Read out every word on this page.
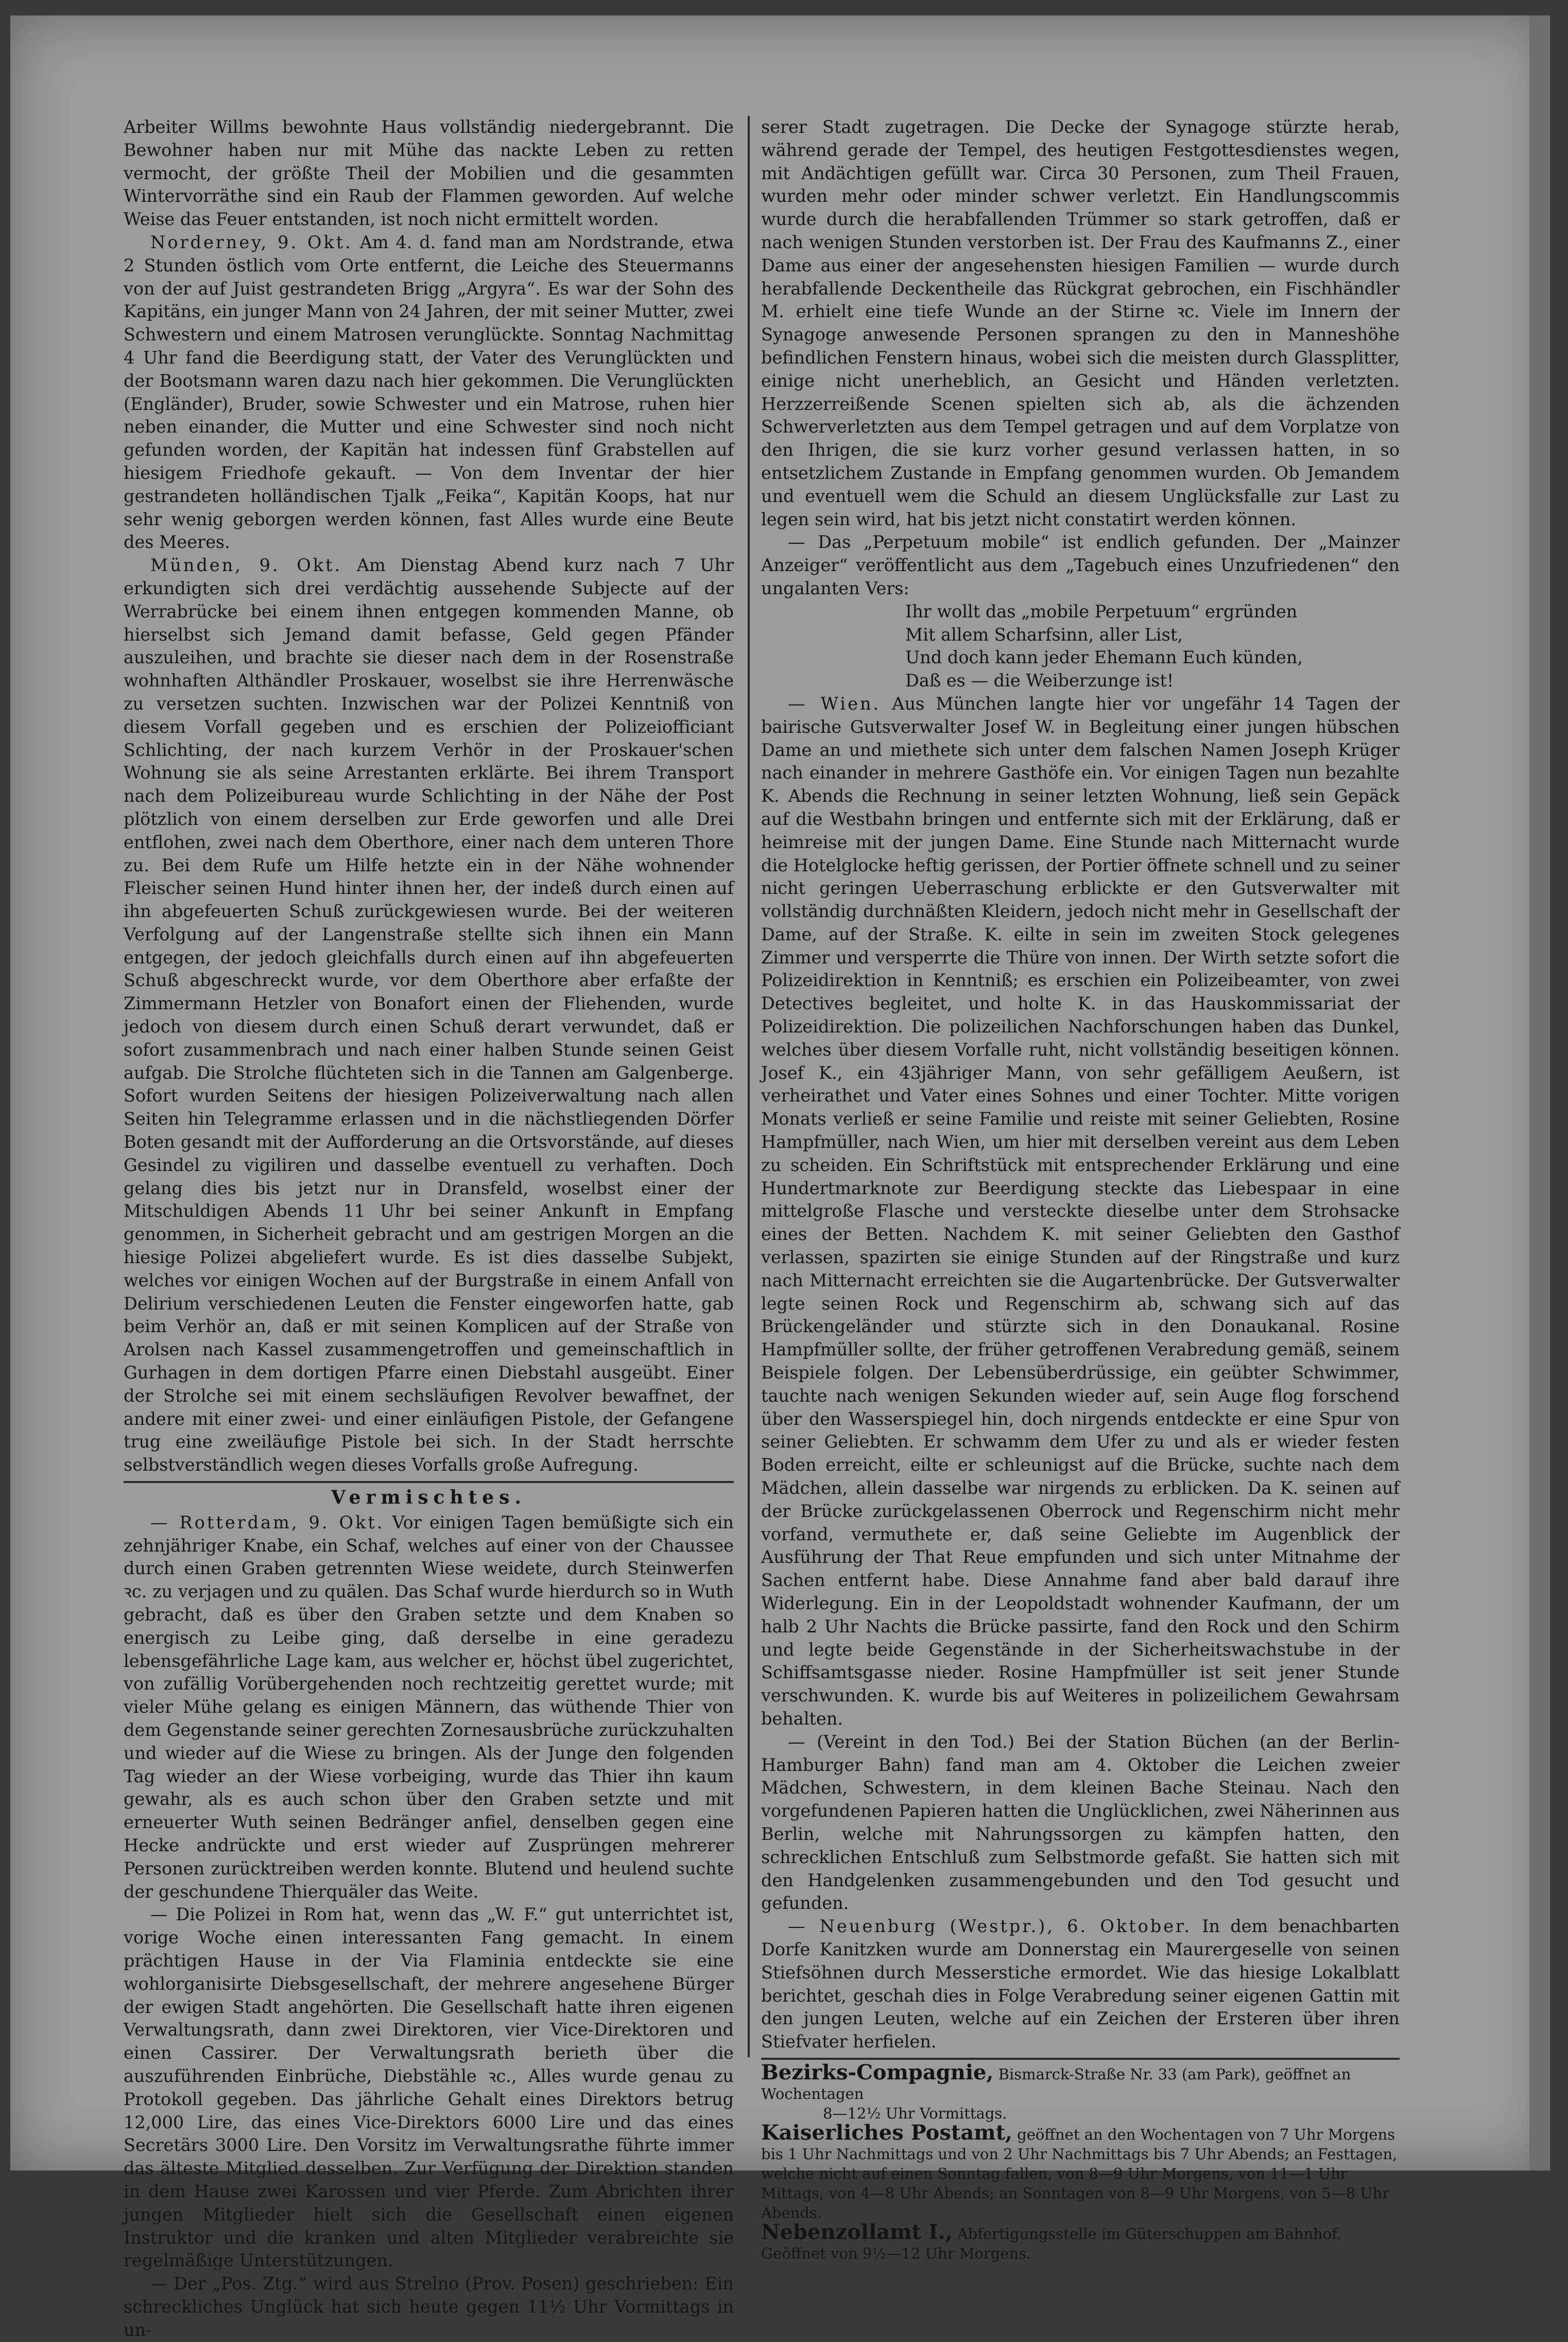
Arbeiter Willms bewohnte Haus vollständig niedergebrannt. Die Bewohner haben nur mit Mühe das nackte Leben zu retten vermocht, der größte Theil der Mobilien und die gesammten Wintervorräthe sind ein Raub der Flammen geworden. Auf welche Weise das Feuer entstanden, ist noch nicht ermittelt worden.

Norderney, 9. Okt. Am 4. d. fand man am Nordstrande, etwa 2 Stunden östlich vom Orte entfernt, die Leiche des Steuermanns von der auf Juist gestrandeten Brigg „Argyra“. Es war der Sohn des Kapitäns, ein junger Mann von 24 Jahren, der mit seiner Mutter, zwei Schwestern und einem Matrosen verunglückte. Sonntag Nachmittag 4 Uhr fand die Beerdigung statt, der Vater des Verunglückten und der Bootsmann waren dazu nach hier gekommen. Die Verunglückten (Engländer), Bruder, sowie Schwester und ein Matrose, ruhen hier neben einander, die Mutter und eine Schwester sind noch nicht gefunden worden, der Kapitän hat indessen fünf Grabstellen auf hiesigem Friedhofe gekauft. — Von dem Inventar der hier gestrandeten holländischen Tjalk „Feika“, Kapitän Koops, hat nur sehr wenig geborgen werden können, fast Alles wurde eine Beute des Meeres.

Münden, 9. Okt. Am Dienstag Abend kurz nach 7 Uhr erkundigten sich drei verdächtig aussehende Subjecte auf der Werrabrücke bei einem ihnen entgegen kommenden Manne, ob hierselbst sich Jemand damit befasse, Geld gegen Pfänder auszuleihen, und brachte sie dieser nach dem in der Rosenstraße wohnhaften Althändler Proskauer, woselbst sie ihre Herrenwäsche zu versetzen suchten. Inzwischen war der Polizei Kenntniß von diesem Vorfall gegeben und es erschien der Polizeiofficiant Schlichting, der nach kurzem Verhör in der Proskauer'schen Wohnung sie als seine Arrestanten erklärte. Bei ihrem Transport nach dem Polizeibureau wurde Schlichting in der Nähe der Post plötzlich von einem derselben zur Erde geworfen und alle Drei entflohen, zwei nach dem Oberthore, einer nach dem unteren Thore zu. Bei dem Rufe um Hilfe hetzte ein in der Nähe wohnender Fleischer seinen Hund hinter ihnen her, der indeß durch einen auf ihn abgefeuerten Schuß zurückgewiesen wurde. Bei der weiteren Verfolgung auf der Langenstraße stellte sich ihnen ein Mann entgegen, der jedoch gleichfalls durch einen auf ihn abgefeuerten Schuß abgeschreckt wurde, vor dem Oberthore aber erfaßte der Zimmermann Hetzler von Bonafort einen der Fliehenden, wurde jedoch von diesem durch einen Schuß derart verwundet, daß er sofort zusammenbrach und nach einer halben Stunde seinen Geist aufgab. Die Strolche flüchteten sich in die Tannen am Galgenberge. Sofort wurden Seitens der hiesigen Polizeiverwaltung nach allen Seiten hin Telegramme erlassen und in die nächstliegenden Dörfer Boten gesandt mit der Aufforderung an die Ortsvorstände, auf dieses Gesindel zu vigiliren und dasselbe eventuell zu verhaften. Doch gelang dies bis jetzt nur in Dransfeld, woselbst einer der Mitschuldigen Abends 11 Uhr bei seiner Ankunft in Empfang genommen, in Sicherheit gebracht und am gestrigen Morgen an die hiesige Polizei abgeliefert wurde. Es ist dies dasselbe Subjekt, welches vor einigen Wochen auf der Burgstraße in einem Anfall von Delirium verschiedenen Leuten die Fenster eingeworfen hatte, gab beim Verhör an, daß er mit seinen Komplicen auf der Straße von Arolsen nach Kassel zusammengetroffen und gemeinschaftlich in Gurhagen in dem dortigen Pfarre einen Diebstahl ausgeübt. Einer der Strolche sei mit einem sechsläufigen Revolver bewaffnet, der andere mit einer zwei- und einer einläufigen Pistole, der Gefangene trug eine zweiläufige Pistole bei sich. In der Stadt herrschte selbstverständlich wegen dieses Vorfalls große Aufregung.

Vermischtes.

— Rotterdam, 9. Okt. Vor einigen Tagen bemüßigte sich ein zehnjähriger Knabe, ein Schaf, welches auf einer von der Chaussee durch einen Graben getrennten Wiese weidete, durch Steinwerfen ꝛc. zu verjagen und zu quälen. Das Schaf wurde hierdurch so in Wuth gebracht, daß es über den Graben setzte und dem Knaben so energisch zu Leibe ging, daß derselbe in eine geradezu lebensgefährliche Lage kam, aus welcher er, höchst übel zugerichtet, von zufällig Vorübergehenden noch rechtzeitig gerettet wurde; mit vieler Mühe gelang es einigen Männern, das wüthende Thier von dem Gegenstande seiner gerechten Zornesausbrüche zurückzuhalten und wieder auf die Wiese zu bringen. Als der Junge den folgenden Tag wieder an der Wiese vorbeiging, wurde das Thier ihn kaum gewahr, als es auch schon über den Graben setzte und mit erneuerter Wuth seinen Bedränger anfiel, denselben gegen eine Hecke andrückte und erst wieder auf Zusprüngen mehrerer Personen zurücktreiben werden konnte. Blutend und heulend suchte der geschundene Thierquäler das Weite.

— Die Polizei in Rom hat, wenn das „W. F.“ gut unterrichtet ist, vorige Woche einen interessanten Fang gemacht. In einem prächtigen Hause in der Via Flaminia entdeckte sie eine wohlorganisirte Diebsgesellschaft, der mehrere angesehene Bürger der ewigen Stadt angehörten. Die Gesellschaft hatte ihren eigenen Verwaltungsrath, dann zwei Direktoren, vier Vice-Direktoren und einen Cassirer. Der Verwaltungsrath berieth über die auszuführenden Einbrüche, Diebstähle ꝛc., Alles wurde genau zu Protokoll gegeben. Das jährliche Gehalt eines Direktors betrug 12,000 Lire, das eines Vice-Direktors 6000 Lire und das eines Secretärs 3000 Lire. Den Vorsitz im Verwaltungsrathe führte immer das älteste Mitglied desselben. Zur Verfügung der Direktion standen in dem Hause zwei Karossen und vier Pferde. Zum Abrichten ihrer jungen Mitglieder hielt sich die Gesellschaft einen eigenen Instruktor und die kranken und alten Mitglieder verabreichte sie regelmäßige Unterstützungen.

— Der „Pos. Ztg.“ wird aus Strelno (Prov. Posen) geschrieben: Ein schreckliches Unglück hat sich heute gegen 11½ Uhr Vormittags in un-

serer Stadt zugetragen. Die Decke der Synagoge stürzte herab, während gerade der Tempel, des heutigen Festgottesdienstes wegen, mit Andächtigen gefüllt war. Circa 30 Personen, zum Theil Frauen, wurden mehr oder minder schwer verletzt. Ein Handlungscommis wurde durch die herabfallenden Trümmer so stark getroffen, daß er nach wenigen Stunden verstorben ist. Der Frau des Kaufmanns Z., einer Dame aus einer der angesehensten hiesigen Familien — wurde durch herabfallende Deckentheile das Rückgrat gebrochen, ein Fischhändler M. erhielt eine tiefe Wunde an der Stirne ꝛc. Viele im Innern der Synagoge anwesende Personen sprangen zu den in Manneshöhe befindlichen Fenstern hinaus, wobei sich die meisten durch Glassplitter, einige nicht unerheblich, an Gesicht und Händen verletzten. Herzzerreißende Scenen spielten sich ab, als die ächzenden Schwerverletzten aus dem Tempel getragen und auf dem Vorplatze von den Ihrigen, die sie kurz vorher gesund verlassen hatten, in so entsetzlichem Zustande in Empfang genommen wurden. Ob Jemandem und eventuell wem die Schuld an diesem Unglücksfalle zur Last zu legen sein wird, hat bis jetzt nicht constatirt werden können.

— Das „Perpetuum mobile“ ist endlich gefunden. Der „Mainzer Anzeiger“ veröffentlicht aus dem „Tagebuch eines Unzufriedenen“ den ungalanten Vers:

Ihr wollt das „mobile Perpetuum“ ergründen
Mit allem Scharfsinn, aller List,
Und doch kann jeder Ehemann Euch künden,
Daß es — die Weiberzunge ist!

— Wien. Aus München langte hier vor ungefähr 14 Tagen der bairische Gutsverwalter Josef W. in Begleitung einer jungen hübschen Dame an und miethete sich unter dem falschen Namen Joseph Krüger nach einander in mehrere Gasthöfe ein. Vor einigen Tagen nun bezahlte K. Abends die Rechnung in seiner letzten Wohnung, ließ sein Gepäck auf die Westbahn bringen und entfernte sich mit der Erklärung, daß er heimreise mit der jungen Dame. Eine Stunde nach Mitternacht wurde die Hotelglocke heftig gerissen, der Portier öffnete schnell und zu seiner nicht geringen Ueberraschung erblickte er den Gutsverwalter mit vollständig durchnäßten Kleidern, jedoch nicht mehr in Gesellschaft der Dame, auf der Straße. K. eilte in sein im zweiten Stock gelegenes Zimmer und versperrte die Thüre von innen. Der Wirth setzte sofort die Polizeidirektion in Kenntniß; es erschien ein Polizeibeamter, von zwei Detectives begleitet, und holte K. in das Hauskommissariat der Polizeidirektion. Die polizeilichen Nachforschungen haben das Dunkel, welches über diesem Vorfalle ruht, nicht vollständig beseitigen können. Josef K., ein 43jähriger Mann, von sehr gefälligem Aeußern, ist verheirathet und Vater eines Sohnes und einer Tochter. Mitte vorigen Monats verließ er seine Familie und reiste mit seiner Geliebten, Rosine Hampfmüller, nach Wien, um hier mit derselben vereint aus dem Leben zu scheiden. Ein Schriftstück mit entsprechender Erklärung und eine Hundertmarknote zur Beerdigung steckte das Liebespaar in eine mittelgroße Flasche und versteckte dieselbe unter dem Strohsacke eines der Betten. Nachdem K. mit seiner Geliebten den Gasthof verlassen, spazirten sie einige Stunden auf der Ringstraße und kurz nach Mitternacht erreichten sie die Augartenbrücke. Der Gutsverwalter legte seinen Rock und Regenschirm ab, schwang sich auf das Brückengeländer und stürzte sich in den Donaukanal. Rosine Hampfmüller sollte, der früher getroffenen Verabredung gemäß, seinem Beispiele folgen. Der Lebensüberdrüssige, ein geübter Schwimmer, tauchte nach wenigen Sekunden wieder auf, sein Auge flog forschend über den Wasserspiegel hin, doch nirgends entdeckte er eine Spur von seiner Geliebten. Er schwamm dem Ufer zu und als er wieder festen Boden erreicht, eilte er schleunigst auf die Brücke, suchte nach dem Mädchen, allein dasselbe war nirgends zu erblicken. Da K. seinen auf der Brücke zurückgelassenen Oberrock und Regenschirm nicht mehr vorfand, vermuthete er, daß seine Geliebte im Augenblick der Ausführung der That Reue empfunden und sich unter Mitnahme der Sachen entfernt habe. Diese Annahme fand aber bald darauf ihre Widerlegung. Ein in der Leopoldstadt wohnender Kaufmann, der um halb 2 Uhr Nachts die Brücke passirte, fand den Rock und den Schirm und legte beide Gegenstände in der Sicherheitswachstube in der Schiffsamtsgasse nieder. Rosine Hampfmüller ist seit jener Stunde verschwunden. K. wurde bis auf Weiteres in polizeilichem Gewahrsam behalten.

— (Vereint in den Tod.) Bei der Station Büchen (an der Berlin-Hamburger Bahn) fand man am 4. Oktober die Leichen zweier Mädchen, Schwestern, in dem kleinen Bache Steinau. Nach den vorgefundenen Papieren hatten die Unglücklichen, zwei Näherinnen aus Berlin, welche mit Nahrungssorgen zu kämpfen hatten, den schrecklichen Entschluß zum Selbstmorde gefaßt. Sie hatten sich mit den Handgelenken zusammengebunden und den Tod gesucht und gefunden.

— Neuenburg (Westpr.), 6. Oktober. In dem benachbarten Dorfe Kanitzken wurde am Donnerstag ein Maurergeselle von seinen Stiefsöhnen durch Messerstiche ermordet. Wie das hiesige Lokalblatt berichtet, geschah dies in Folge Verabredung seiner eigenen Gattin mit den jungen Leuten, welche auf ein Zeichen der Ersteren über ihren Stiefvater herfielen.

Bezirks-Compagnie, Bismarck-Straße Nr. 33 (am Park), geöffnet an Wochentagen
8—12½ Uhr Vormittags.

Kaiserliches Postamt, geöffnet an den Wochentagen von 7 Uhr Morgens bis 1 Uhr Nachmittags und von 2 Uhr Nachmittags bis 7 Uhr Abends; an Festtagen, welche nicht auf einen Sonntag fallen, von 8—9 Uhr Morgens, von 11—1 Uhr Mittags, von 4—8 Uhr Abends; an Sonntagen von 8—9 Uhr Morgens, von 5—8 Uhr Abends.

Nebenzollamt I., Abfertigungsstelle im Güterschuppen am Bahnhof. Geöffnet von 9½—12 Uhr Morgens.
